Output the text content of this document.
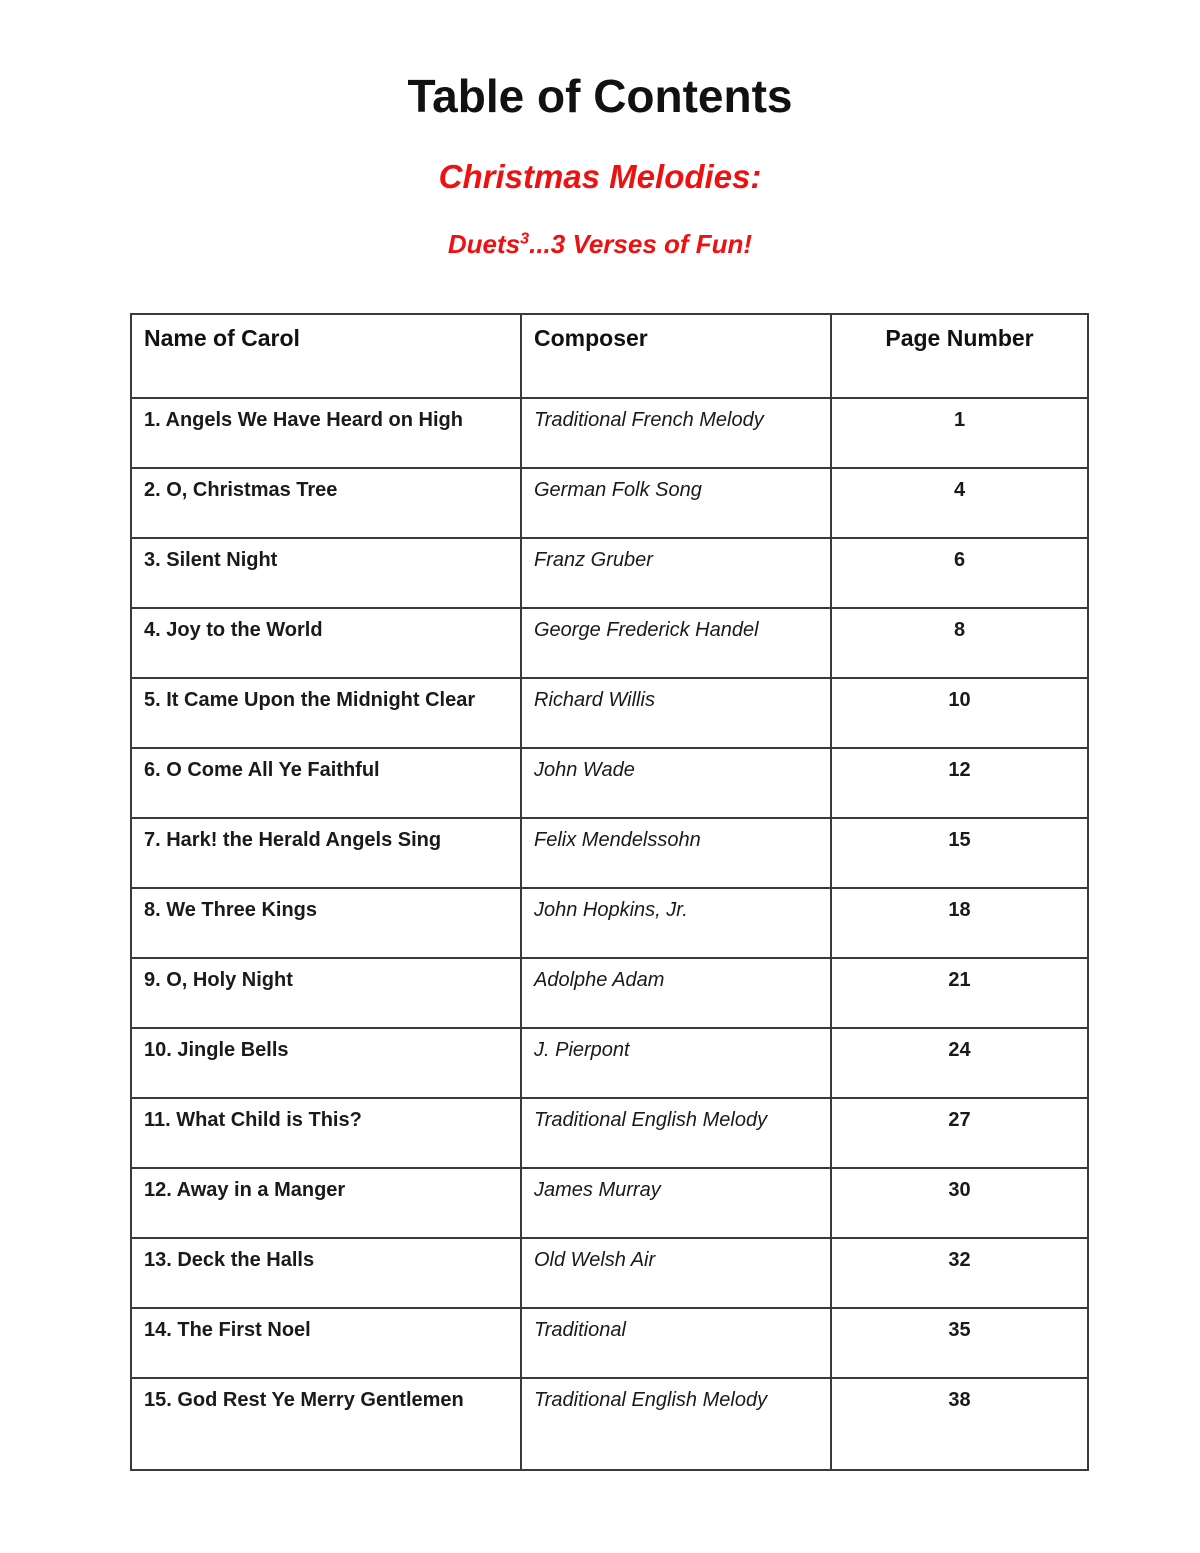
Table of Contents
Christmas Melodies:
Duets$^3$...3 Verses of Fun!
Name of Carol	Composer	Page Number
1. Angels We Have Heard on High	Traditional French Melody	1
2. O, Christmas Tree	German Folk Song	4
3. Silent Night	Franz Gruber	6
4. Joy to the World	George Frederick Handel	8
5. It Came Upon the Midnight Clear	Richard Willis	10
6. O Come All Ye Faithful	John Wade	12
7. Hark! the Herald Angels Sing	Felix Mendelssohn	15
8. We Three Kings	John Hopkins, Jr.	18
9. O, Holy Night	Adolphe Adam	21
10. Jingle Bells	J. Pierpont	24
11. What Child is This?	Traditional English Melody	27
12. Away in a Manger	James Murray	30
13. Deck the Halls	Old Welsh Air	32
14. The First Noel	Traditional	35
15. God Rest Ye Merry Gentlemen	Traditional English Melody	38
